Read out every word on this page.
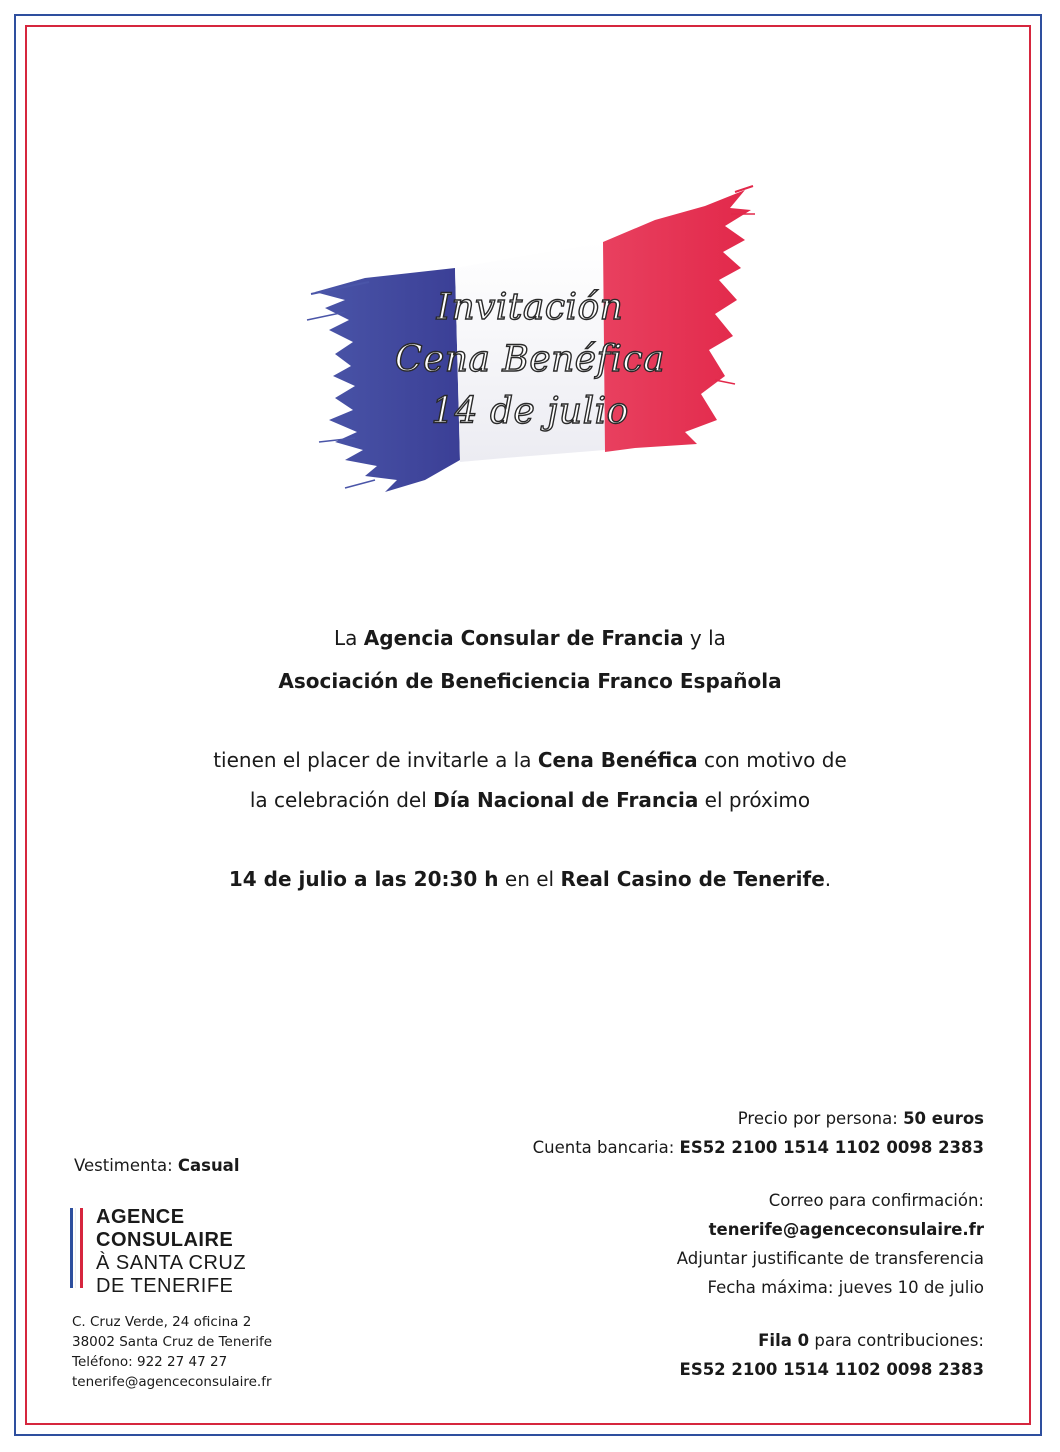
Invitación
Cena Benéfica
14 de julio
La Agencia Consular de Francia y la
Asociación de Beneficiencia Franco Española
tienen el placer de invitarle a la Cena Benéfica con motivo de
la celebración del Día Nacional de Francia el próximo
14 de julio a las 20:30 h en el Real Casino de Tenerife.
Precio por persona: 50 euros
Cuenta bancaria: ES52 2100 1514 1102 0098 2383
Correo para confirmación:
tenerife@agenceconsulaire.fr
Adjuntar justificante de transferencia
Fecha máxima: jueves 10 de julio
Fila 0 para contribuciones:
ES52 2100 1514 1102 0098 2383
Vestimenta: Casual
AGENCE
CONSULAIRE
À SANTA CRUZ
DE TENERIFE
C. Cruz Verde, 24 oficina 2
38002 Santa Cruz de Tenerife
Teléfono: 922 27 47 27
tenerife@agenceconsulaire.fr
